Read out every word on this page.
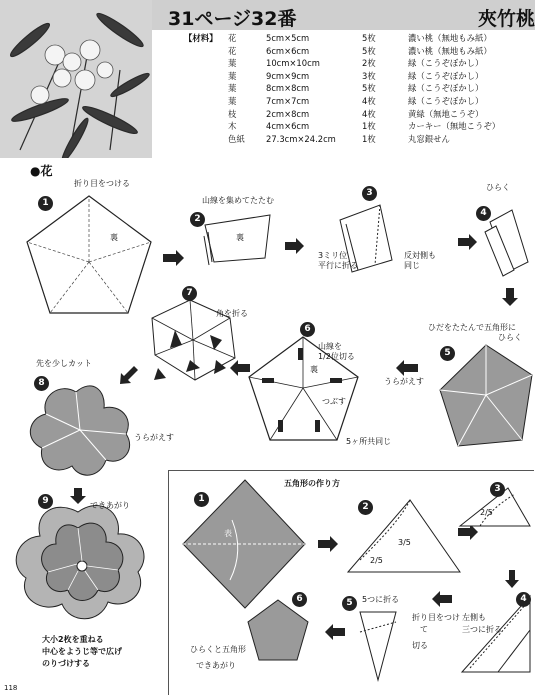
31ページ32番	夾竹桃
【材料】 花	5cm×5cm	5枚	濃い桃（無地もみ紙）
花	6cm×6cm	5枚	濃い桃（無地もみ紙）
葉	10cm×10cm	2枚	緑（こうぞぼかし）
葉	9cm×9cm	3枚	緑（こうぞぼかし）
葉	8cm×8cm	5枚	緑（こうぞぼかし）
葉	7cm×7cm	4枚	緑（こうぞぼかし）
枝	2cm×8cm	4枚	黄緑（無地こうぞ）
木	4cm×6cm	1枚	カーキー（無地こうぞ）
色紙	27.3cm×24.2cm	1枚	丸窓銀せん
●花
1
折り目をつける
裏
2
山線を集めてたたむ
裏
3
3ミリ位
平行に折る
反対側も
同じ
4
ひらく
5
ひだをたたんで五角形に
ひらく
6
山線を
1/2位切る
裏
つぶす
うらがえす
5ヶ所共同じ
7
角を折る
8
先を少しカット
うらがえす
9	できあがり
大小2枚を重ねる
中心をようじ等で広げ
のりづけする
五角形の作り方
1
表
2
3/5
2/5
3
2/5
4
左側も
三つに折る
5	5つに折る
折り目をつけ
て
切る
6
ひらくと五角形
できあがり
118
